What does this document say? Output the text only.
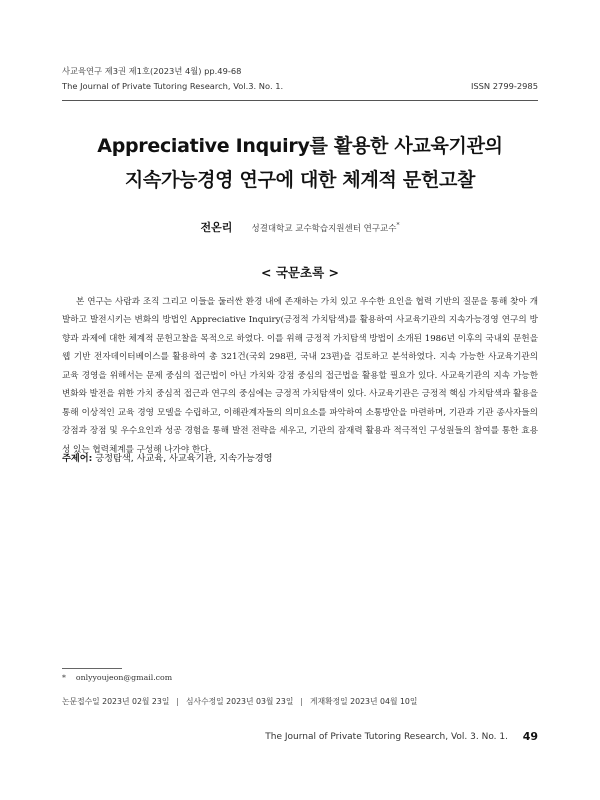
사교육연구 제3권 제1호(2023년 4월) pp.49-68
The Journal of Private Tutoring Research, Vol.3. No. 1.	ISSN 2799-2985
Appreciative Inquiry를 활용한 사교육기관의
지속가능경영 연구에 대한 체계적 문헌고찰
전온리 성결대학교 교수학습지원센터 연구교수*
< 국문초록 >
본 연구는 사람과 조직 그리고 이들을 둘러싼 환경 내에 존재하는 가치 있고 우수한 요인을 협력 기반의 질문을 통해 찾아 개발하고 발전시키는 변화의 방법인 Appreciative Inquiry(긍정적 가치탐색)를 활용하여 사교육기관의 지속가능경영 연구의 방향과 과제에 대한 체계적 문헌고찰을 목적으로 하였다. 이를 위해 긍정적 가치탐색 방법이 소개된 1986년 이후의 국내외 문헌을 웹 기반 전자데이터베이스를 활용하여 총 321건(국외 298편, 국내 23편)을 검토하고 분석하였다. 지속 가능한 사교육기관의 교육 경영을 위해서는 문제 중심의 접근법이 아닌 가치와 강점 중심의 접근법을 활용할 필요가 있다. 사교육기관의 지속 가능한 변화와 발전을 위한 가치 중심적 접근과 연구의 중심에는 긍정적 가치탐색이 있다. 사교육기관은 긍정적 핵심 가치탐색과 활용을 통해 이상적인 교육 경영 모델을 수립하고, 이해관계자들의 의미요소를 파악하여 소통방안을 마련하며, 기관과 기관 종사자들의 강점과 장점 및 우수요인과 성공 경험을 통해 발전 전략을 세우고, 기관의 잠재력 활용과 적극적인 구성원들의 참여를 통한 효용성 있는 협력체계를 구성해 나가야 한다.
주제어: 긍정탐색, 사교육, 사교육기관, 지속가능경영
* onlyyoujeon@gmail.com
논문접수일 2023년 02월 23일 | 심사수정일 2023년 03월 23일 | 게재확정일 2023년 04월 10일
The Journal of Private Tutoring Research, Vol. 3. No. 1. 49
